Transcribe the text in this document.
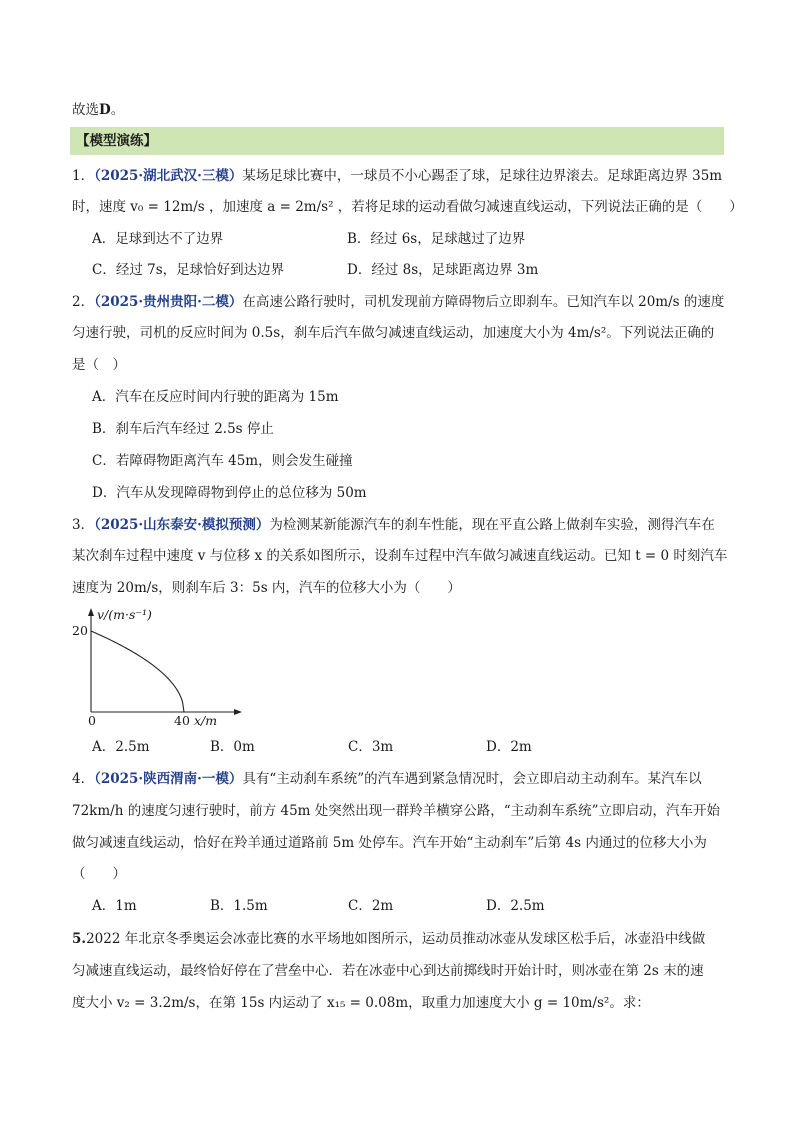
故选D。
【模型演练】
1．（2025·湖北武汉·三模）某场足球比赛中，一球员不小心踢歪了球，足球往边界滚去。足球距离边界 35m
时，速度 v₀ = 12m/s ，加速度 a = 2m/s² ，若将足球的运动看做匀减速直线运动，下列说法正确的是（　　）
A．足球到达不了边界	B．经过 6s，足球越过了边界
C．经过 7s，足球恰好到达边界	D．经过 8s，足球距离边界 3m
2．（2025·贵州贵阳·二模）在高速公路行驶时，司机发现前方障碍物后立即刹车。已知汽车以 20m/s 的速度
匀速行驶，司机的反应时间为 0.5s，刹车后汽车做匀减速直线运动，加速度大小为 4m/s²。下列说法正确的
是（　）
A．汽车在反应时间内行驶的距离为 15m
B．刹车后汽车经过 2.5s 停止
C．若障碍物距离汽车 45m，则会发生碰撞
D．汽车从发现障碍物到停止的总位移为 50m
3．（2025·山东泰安·模拟预测）为检测某新能源汽车的刹车性能，现在平直公路上做刹车实验，测得汽车在
某次刹车过程中速度 v 与位移 x 的关系如图所示，设刹车过程中汽车做匀减速直线运动。已知 t = 0 时刻汽车
速度为 20m/s，则刹车后 3：5s 内，汽车的位移大小为（　　）
v/(m·s⁻¹)
20
0	40 x/m
A．2.5m	B．0m	C．3m	D．2m
4．（2025·陕西渭南·一模）具有“主动刹车系统”的汽车遇到紧急情况时，会立即启动主动刹车。某汽车以
72km/h 的速度匀速行驶时，前方 45m 处突然出现一群羚羊横穿公路，“主动刹车系统”立即启动，汽车开始
做匀减速直线运动，恰好在羚羊通过道路前 5m 处停车。汽车开始“主动刹车”后第 4s 内通过的位移大小为
（　　）
A．1m	B．1.5m	C．2m	D．2.5m
5.2022 年北京冬季奥运会冰壶比赛的水平场地如图所示，运动员推动冰壶从发球区松手后，冰壶沿中线做
匀减速直线运动，最终恰好停在了营垒中心．若在冰壶中心到达前掷线时开始计时，则冰壶在第 2s 末的速
度大小 v₂ = 3.2m/s，在第 15s 内运动了 x₁₅ = 0.08m，取重力加速度大小 g = 10m/s²。求：
